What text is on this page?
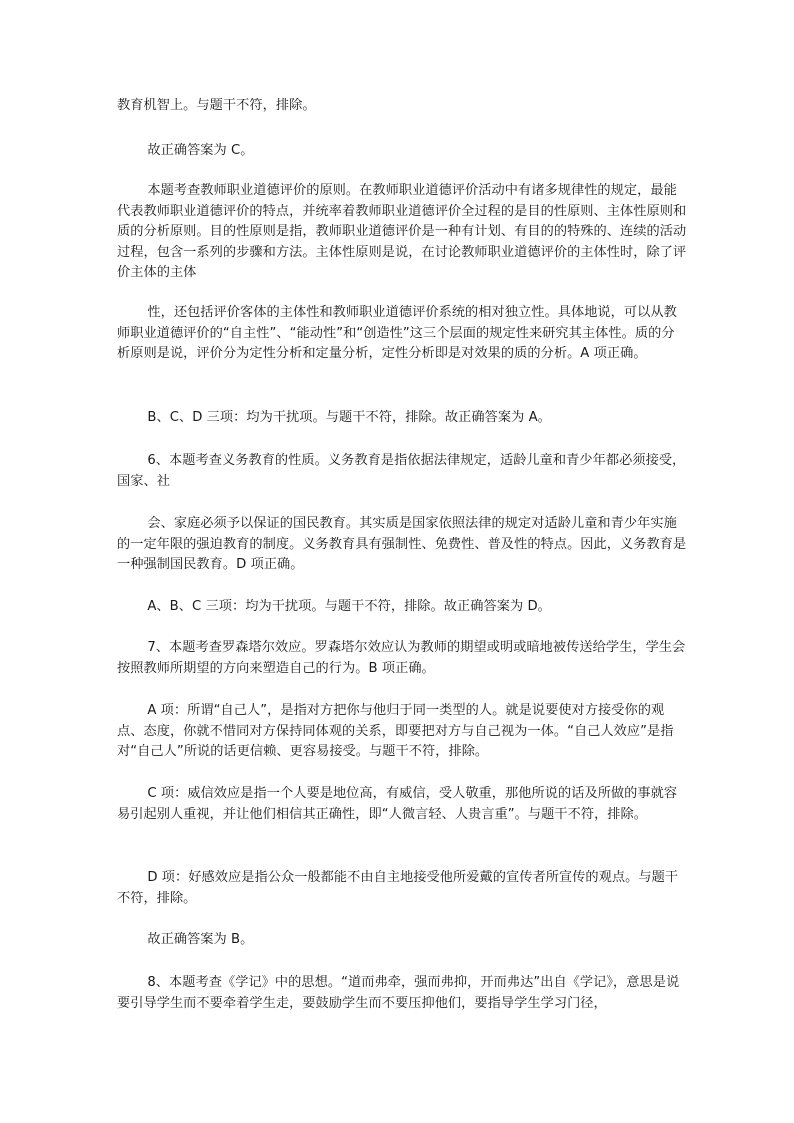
教育机智上。与题干不符，排除。

故正确答案为 C。

本题考查教师职业道德评价的原则。在教师职业道德评价活动中有诸多规律性的规定，最能代表教师职业道德评价的特点，并统率着教师职业道德评价全过程的是目的性原则、主体性原则和质的分析原则。目的性原则是指，教师职业道德评价是一种有计划、有目的的特殊的、连续的活动过程，包含一系列的步骤和方法。主体性原则是说，在讨论教师职业道德评价的主体性时，除了评价主体的主体

性，还包括评价客体的主体性和教师职业道德评价系统的相对独立性。具体地说，可以从教师职业道德评价的“自主性”、“能动性”和“创造性”这三个层面的规定性来研究其主体性。质的分析原则是说，评价分为定性分析和定量分析，定性分析即是对效果的质的分析。A 项正确。

B、C、D 三项：均为干扰项。与题干不符，排除。故正确答案为 A。

6、本题考查义务教育的性质。义务教育是指依据法律规定，适龄儿童和青少年都必须接受，国家、社

会、家庭必须予以保证的国民教育。其实质是国家依照法律的规定对适龄儿童和青少年实施的一定年限的强迫教育的制度。义务教育具有强制性、免费性、普及性的特点。因此，义务教育是一种强制国民教育。D 项正确。

A、B、C 三项：均为干扰项。与题干不符，排除。故正确答案为 D。

7、本题考查罗森塔尔效应。罗森塔尔效应认为教师的期望或明或暗地被传送给学生，学生会按照教师所期望的方向来塑造自己的行为。B 项正确。

A 项：所谓“自己人”，是指对方把你与他归于同一类型的人。就是说要使对方接受你的观点、态度，你就不惜同对方保持同体观的关系，即要把对方与自己视为一体。“自己人效应”是指对“自己人”所说的话更信赖、更容易接受。与题干不符，排除。

C 项：威信效应是指一个人要是地位高，有威信，受人敬重，那他所说的话及所做的事就容易引起别人重视，并让他们相信其正确性，即“人微言轻、人贵言重”。与题干不符，排除。

D 项：好感效应是指公众一般都能不由自主地接受他所爱戴的宣传者所宣传的观点。与题干不符，排除。

故正确答案为 B。

8、本题考查《学记》中的思想。“道而弗牵，强而弗抑，开而弗达”出自《学记》，意思是说要引导学生而不要牵着学生走，要鼓励学生而不要压抑他们，要指导学生学习门径，
